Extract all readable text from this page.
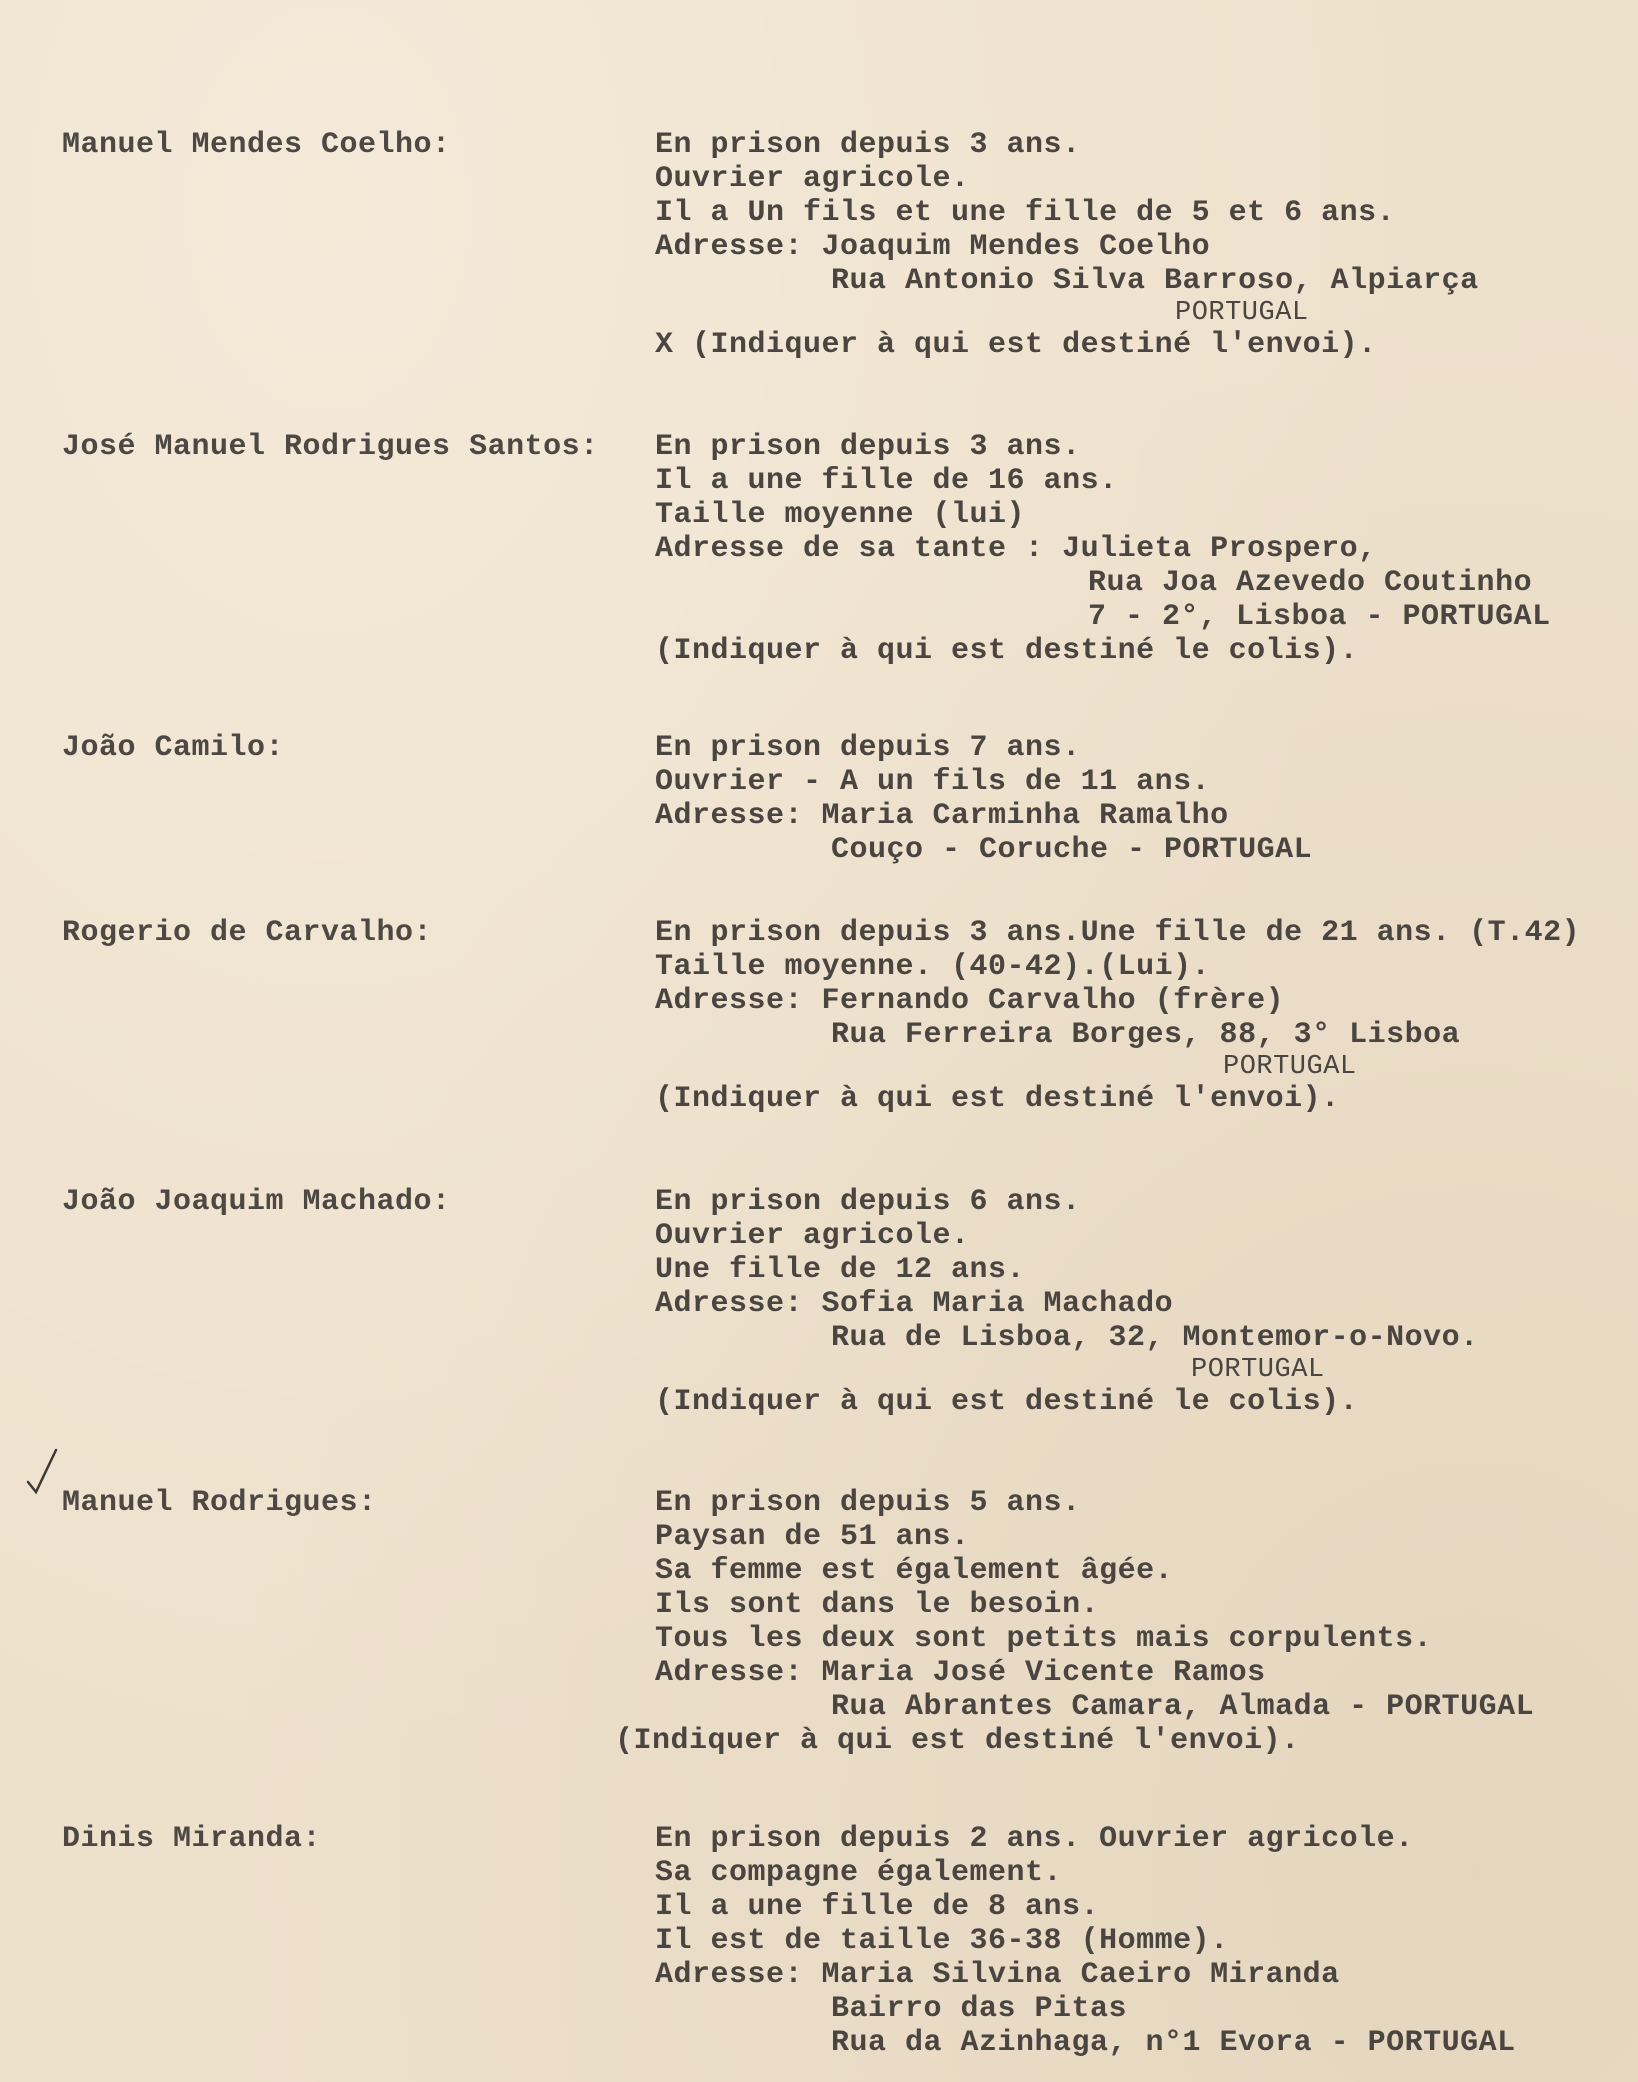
Manuel Mendes Coelho:	En prison depuis 3 ans.
Ouvrier agricole.
Il a Un fils et une fille de 5 et 6 ans.
Adresse: Joaquim Mendes Coelho
Rua Antonio Silva Barroso, Alpiarça
PORTUGAL
X (Indiquer à qui est destiné l'envoi).
José Manuel Rodrigues Santos: En prison depuis 3 ans.
Il a une fille de 16 ans.
Taille moyenne (lui)
Adresse de sa tante : Julieta Prospero,
Rua Joa Azevedo Coutinho
7 - 2°, Lisboa - PORTUGAL
(Indiquer à qui est destiné le colis).
João Camilo:	En prison depuis 7 ans.
Ouvrier - A un fils de 11 ans.
Adresse: Maria Carminha Ramalho
Couço - Coruche - PORTUGAL
Rogerio de Carvalho:	En prison depuis 3 ans.Une fille de 21 ans. (T.42)
Taille moyenne. (40-42).(Lui).
Adresse: Fernando Carvalho (frère)
Rua Ferreira Borges, 88, 3° Lisboa
PORTUGAL
(Indiquer à qui est destiné l'envoi).
João Joaquim Machado:	En prison depuis 6 ans.
Ouvrier agricole.
Une fille de 12 ans.
Adresse: Sofia Maria Machado
Rua de Lisboa, 32, Montemor-o-Novo.
PORTUGAL
(Indiquer à qui est destiné le colis).
Manuel Rodrigues:	En prison depuis 5 ans.
Paysan de 51 ans.
Sa femme est également âgée.
Ils sont dans le besoin.
Tous les deux sont petits mais corpulents.
Adresse: Maria José Vicente Ramos
Rua Abrantes Camara, Almada - PORTUGAL
(Indiquer à qui est destiné l'envoi).
Dinis Miranda:	En prison depuis 2 ans. Ouvrier agricole.
Sa compagne également.
Il a une fille de 8 ans.
Il est de taille 36-38 (Homme).
Adresse: Maria Silvina Caeiro Miranda
Bairro das Pitas
Rua da Azinhaga, n°1 Evora - PORTUGAL
